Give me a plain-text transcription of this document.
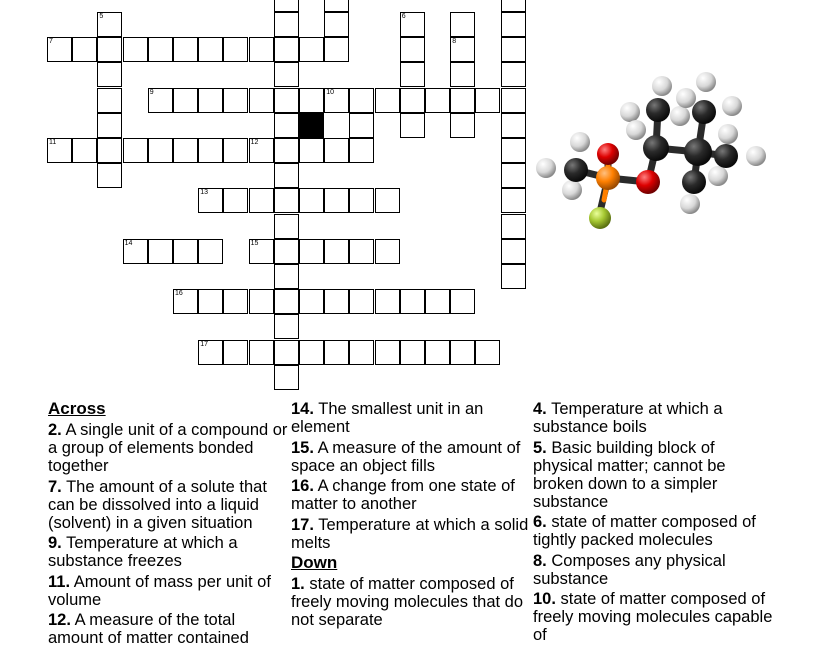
5	6
7	8
9	10
11	12
13
14	15
16
17
Across
2. A single unit of a compound or a group of elements bonded together
7. The amount of a solute that can be dissolved into a liquid (solvent) in a given situation
9. Temperature at which a substance freezes
11. Amount of mass per unit of volume
12. A measure of the total amount of matter contained
14. The smallest unit in an element
15. A measure of the amount of space an object fills
16. A change from one state of matter to another
17. Temperature at which a solid melts
Down
1. state of matter composed of freely moving molecules that do not separate
4. Temperature at which a substance boils
5. Basic building block of physical matter; cannot be broken down to a simpler substance
6. state of matter composed of tightly packed molecules
8. Composes any physical substance
10. state of matter composed of freely moving molecules capable of
